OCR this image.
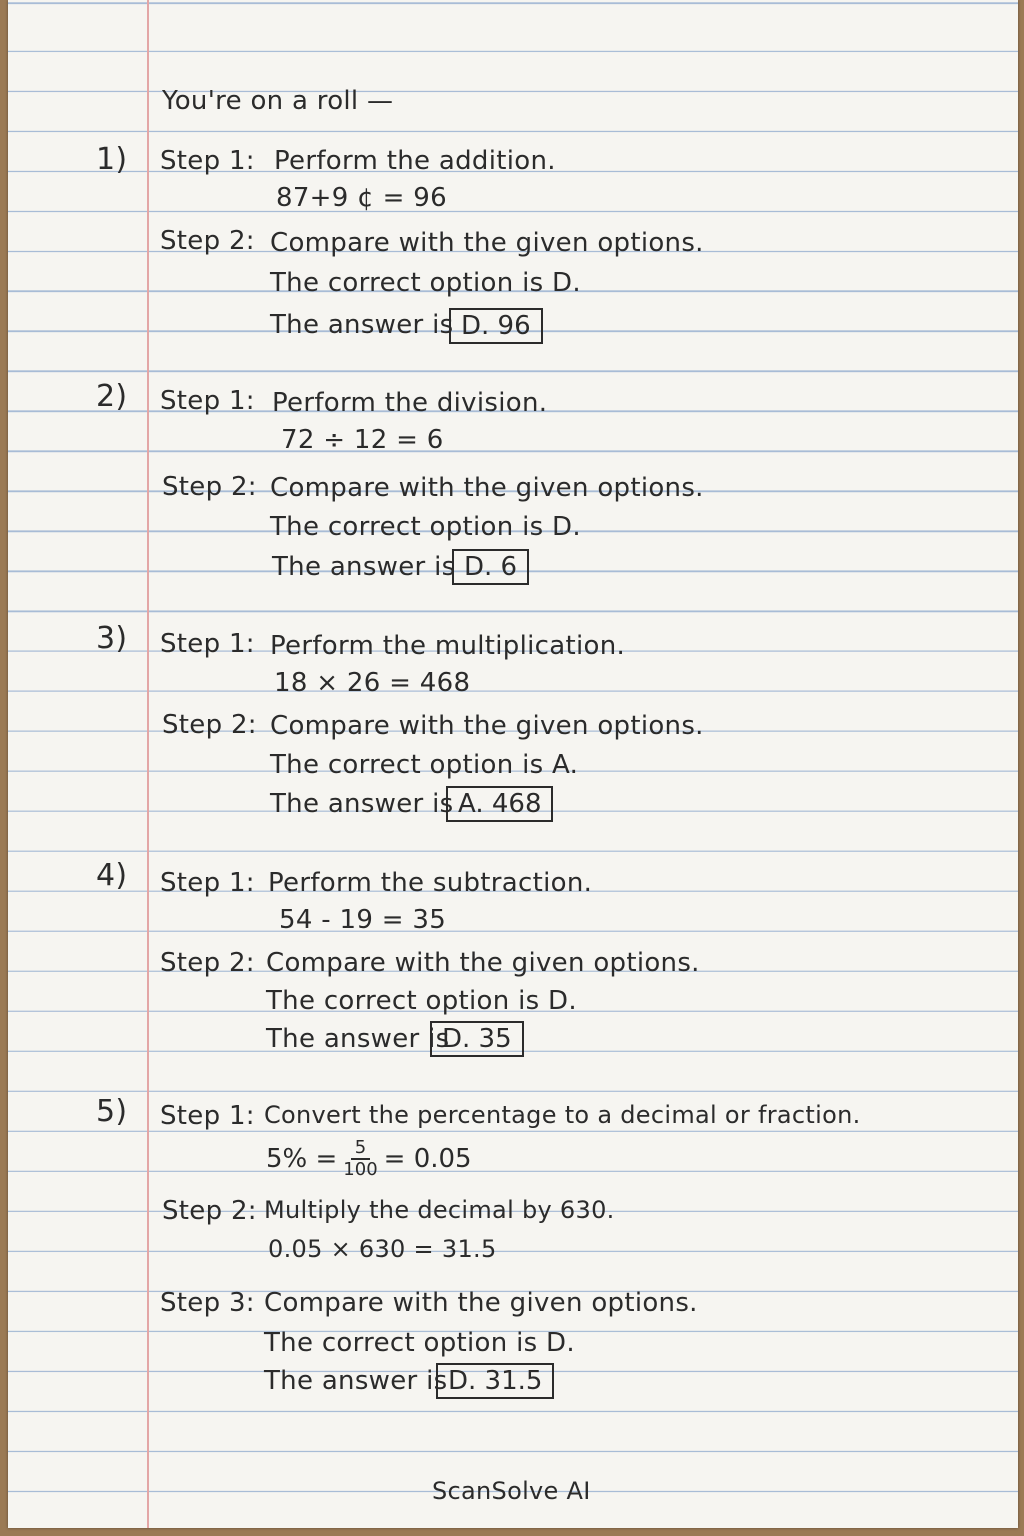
You're on a roll —
1) Step 1: Perform the addition.
87+9 ¢ = 96
Step 2: Compare with the given options.
The correct option is D.
The answer is D. 96
2) Step 1: Perform the division.
72 ÷ 12 = 6
Step 2: Compare with the given options.
The correct option is D.
The answer is D. 6
3) Step 1: Perform the multiplication.
18 × 26 = 468
Step 2: Compare with the given options.
The correct option is A.
The answer is A. 468
4) Step 1: Perform the subtraction.
54 - 19 = 35
Step 2: Compare with the given options.
The correct option is D.
The answer is
D. 35
5) Step 1: Convert the percentage to a decimal or fraction.
$5\% = \frac{5}{100} = 0.05$
Step 2: Multiply the decimal by 630.
0.05 × 630 = 31.5
Step 3: Compare with the given options.
The correct option is D.
The answer is D. 31.5
ScanSolve AI
